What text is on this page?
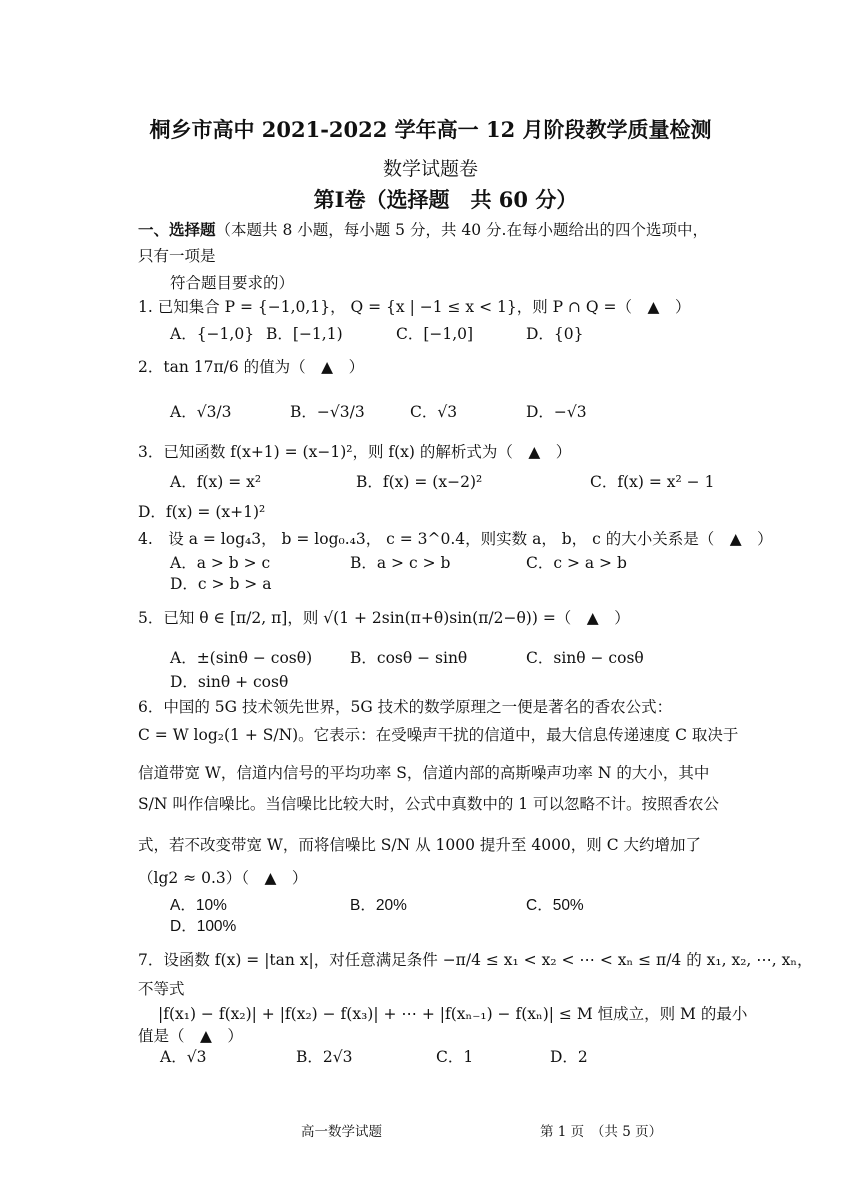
桐乡市高中 2021-2022 学年高一 12 月阶段教学质量检测
数学试题卷
第Ⅰ卷（选择题　共 60 分）
一、选择题（本题共 8 小题，每小题 5 分，共 40 分.在每小题给出的四个选项中，
只有一项是
符合题目要求的）
1. 已知集合 P = {−1,0,1}， Q = {x | −1 ≤ x < 1}，则 P ∩ Q =（　▲　）
A．{−1,0} B．[−1,1)	C．[−1,0]	D．{0}
2．tan 17π/6 的值为（　▲　）
A．√3/3	B．−√3/3	C．√3	D．−√3
3．已知函数 f(x+1) = (x−1)²，则 f(x) 的解析式为（　▲　）
A．f(x) = x²	B．f(x) = (x−2)²	C．f(x) = x² − 1
D．f(x) = (x+1)²
4.　设 a = log₄3， b = log₀.₄3， c = 3^0.4，则实数 a， b， c 的大小关系是（　▲　）
A．a > b > c	B．a > c > b	C．c > a > b
D．c > b > a
5．已知 θ ∈ [π/2, π]，则 √(1 + 2sin(π+θ)sin(π/2−θ)) =（　▲　）
A．±(sinθ − cosθ) B．cosθ − sinθ	C．sinθ − cosθ
D．sinθ + cosθ
6．中国的 5G 技术领先世界，5G 技术的数学原理之一便是著名的香农公式：
C = W log₂(1 + S/N)。它表示：在受噪声干扰的信道中，最大信息传递速度 C 取决于
信道带宽 W，信道内信号的平均功率 S，信道内部的高斯噪声功率 N 的大小，其中
S/N 叫作信噪比。当信噪比比较大时，公式中真数中的 1 可以忽略不计。按照香农公
式，若不改变带宽 W，而将信噪比 S/N 从 1000 提升至 4000，则 C 大约增加了
（lg2 ≈ 0.3）（　▲　）
A．10%	B．20%	C．50%
D．100%
7．设函数 f(x) = |tan x|，对任意满足条件 −π/4 ≤ x₁ < x₂ < ⋯ < xₙ ≤ π/4 的 x₁, x₂, ⋯, xₙ，
不等式
|f(x₁) − f(x₂)| + |f(x₂) − f(x₃)| + ⋯ + |f(xₙ₋₁) − f(xₙ)| ≤ M 恒成立，则 M 的最小
值是（　▲　）
A．√3	B．2√3	C．1	D．2
高一数学试题	第 1 页　（共 5 页）
